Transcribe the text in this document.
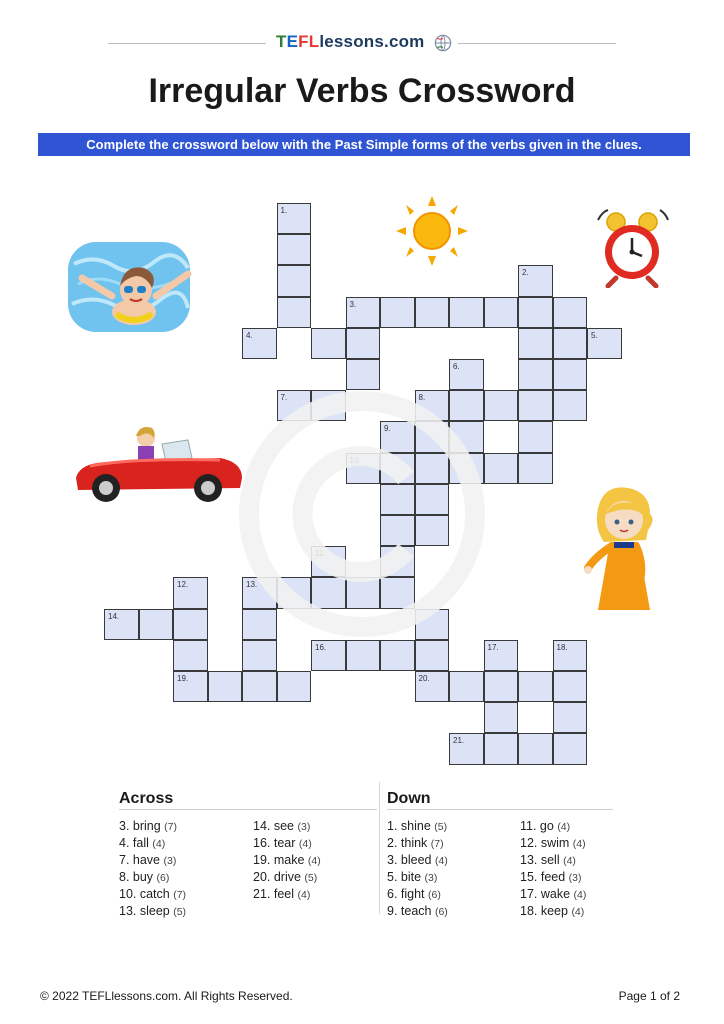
TEFLlessons.com
Irregular Verbs Crossword
Complete the crossword below with the Past Simple forms of the verbs given in the clues.
1.
2.
3.
4.
6.
7.	8.
9.
10.
11.
12.	13.
14.
16.	17.	18.
19.	20.
21.
5.
Across	Down
3. bring (7)
4. fall (4)
7. have (3)
8. buy (6)
10. catch (7)
13. sleep (5)
14. see (3)
16. tear (4)
19. make (4)
20. drive (5)
21. feel (4)
1. shine (5)
2. think (7)
3. bleed (4)
5. bite (3)
6. fight (6)
9. teach (6)
11. go (4)
12. swim (4)
13. sell (4)
15. feed (3)
17. wake (4)
18. keep (4)
© 2022 TEFLlessons.com. All Rights Reserved.	Page 1 of 2
